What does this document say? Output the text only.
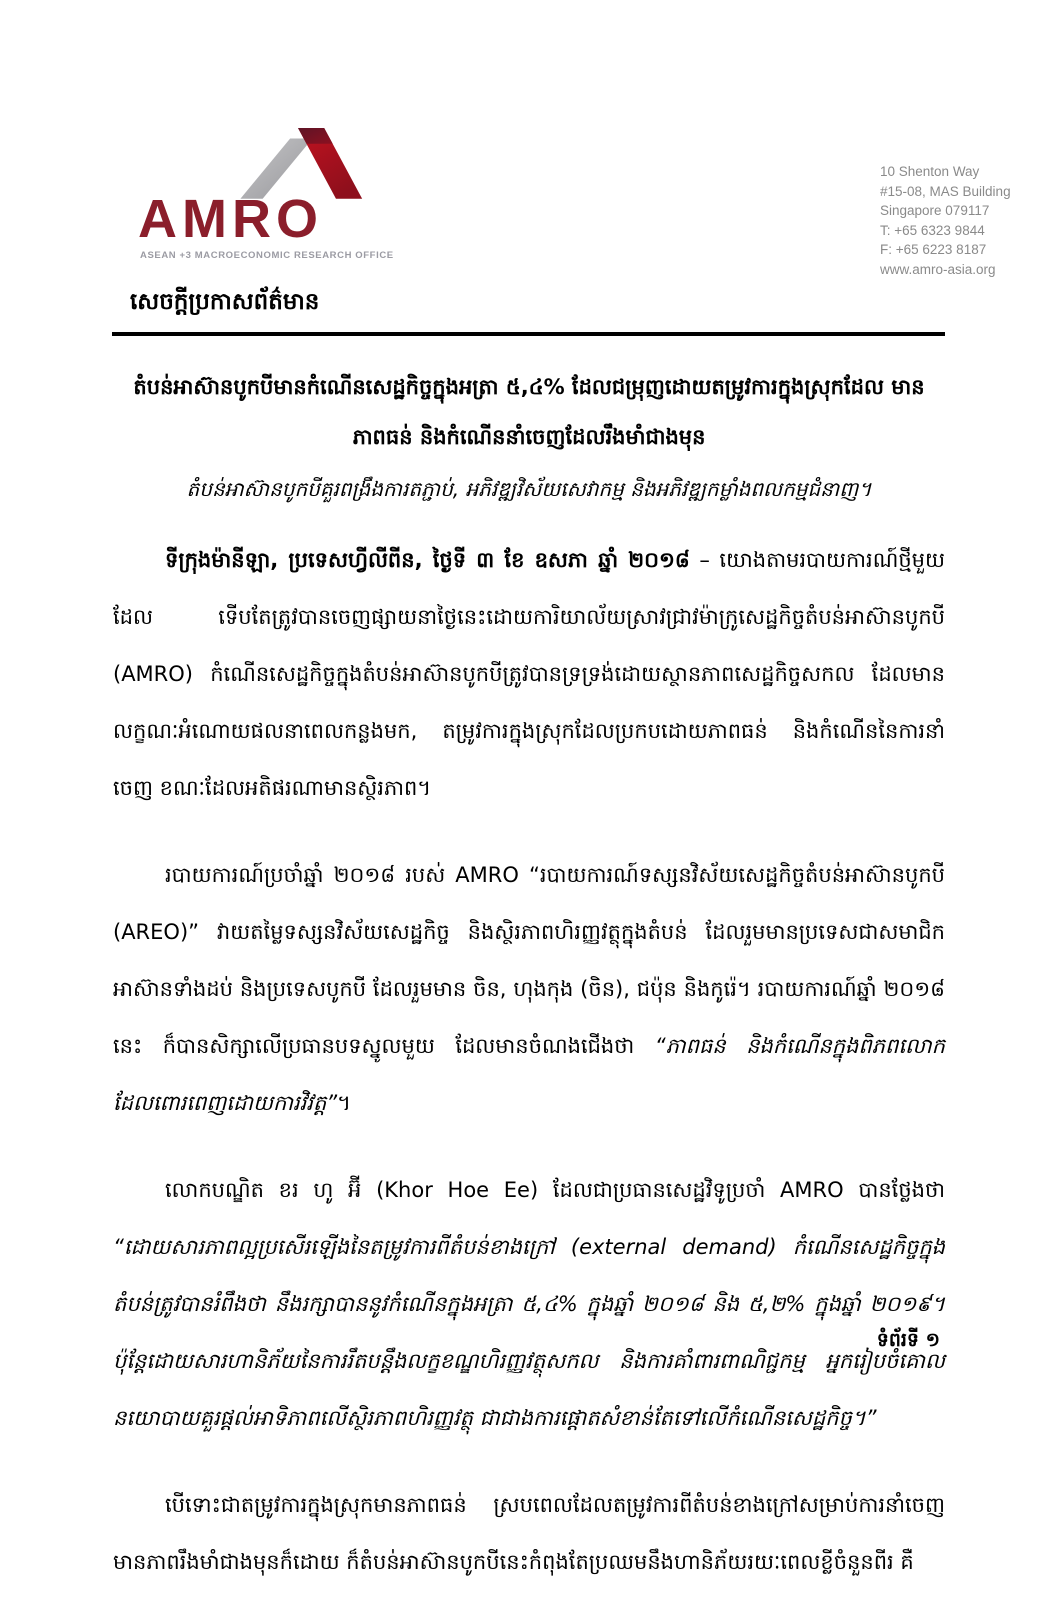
AMRO
ASEAN +3 MACROECONOMIC RESEARCH OFFICE
10 Shenton Way
#15-08, MAS Building
Singapore 079117
T: +65 6323 9844
F: +65 6223 8187
www.amro-asia.org
សេចក្តីប្រកាសព័ត៌មាន
តំបន់អាស៊ានបូកបីមានកំណើនសេដ្ឋកិច្ចក្នុងអត្រា ៥,៤% ដែលជម្រុញដោយតម្រូវការក្នុងស្រុកដែល មានភាពធន់ និងកំណើននាំចេញដែលរឹងមាំជាងមុន
តំបន់អាស៊ានបូកបីគួរពង្រឹងការតភ្ជាប់, អភិវឌ្ឍវិស័យសេវាកម្ម និងអភិវឌ្ឍកម្លាំងពលកម្មជំនាញ។

ទីក្រុងម៉ានីឡា, ប្រទេសហ្វីលីពីន, ថ្ងៃទី ៣ ខែ ឧសភា ឆ្នាំ ២០១៨ – យោងតាមរបាយការណ៍ថ្មីមួយដែល ទើបតែត្រូវបានចេញផ្សាយនាថ្ងៃនេះដោយការិយាល័យស្រាវជ្រាវម៉ាក្រូសេដ្ឋកិច្ចតំបន់អាស៊ានបូកបី (AMRO) កំណើនសេដ្ឋកិច្ចក្នុងតំបន់អាស៊ានបូកបីត្រូវបានទ្រទ្រង់ដោយស្ថានភាពសេដ្ឋកិច្ចសកល ដែលមានលក្ខណៈអំណោយផលនាពេលកន្លងមក, តម្រូវការក្នុងស្រុកដែលប្រកបដោយភាពធន់ និងកំណើននៃការនាំចេញ ខណៈដែលអតិផរណាមានស្ថិរភាព។

របាយការណ៍ប្រចាំឆ្នាំ ២០១៨ របស់ AMRO “របាយការណ៍ទស្សនវិស័យសេដ្ឋកិច្ចតំបន់អាស៊ានបូកបី (AREO)” វាយតម្លៃទស្សនវិស័យសេដ្ឋកិច្ច និងស្ថិរភាពហិរញ្ញវត្ថុក្នុងតំបន់ ដែលរួមមានប្រទេសជាសមាជិកអាស៊ានទាំងដប់ និងប្រទេសបូកបី ដែលរួមមាន ចិន, ហុងកុង (ចិន), ជប៉ុន និងកូរ៉េ។ របាយការណ៍ឆ្នាំ ២០១៨ នេះ ក៏បានសិក្សាលើប្រធានបទស្នូលមួយ ដែលមានចំណងជើងថា “ភាពធន់ និងកំណើនក្នុងពិភពលោកដែលពោរពេញដោយការវិវត្ត”។

លោកបណ្ឌិត ខរ ហូ អ៊ី (Khor Hoe Ee) ដែលជាប្រធានសេដ្ឋវិទូប្រចាំ AMRO បានថ្លែងថា “ដោយសារភាពល្អប្រសើរឡើងនៃតម្រូវការពីតំបន់ខាងក្រៅ (external demand) កំណើនសេដ្ឋកិច្ចក្នុងតំបន់ត្រូវបានរំពឹងថា នឹងរក្សាបាននូវកំណើនក្នុងអត្រា ៥,៤% ក្នុងឆ្នាំ ២០១៨ និង ៥,២% ក្នុងឆ្នាំ ២០១៩។ ប៉ុន្តែដោយសារហានិភ័យនៃការរឹតបន្តឹងលក្ខខណ្ឌហិរញ្ញវត្ថុសកល និងការគាំពារពាណិជ្ជកម្ម អ្នករៀបចំគោលនយោបាយគួរផ្តល់អាទិភាពលើស្ថិរភាពហិរញ្ញវត្ថុ ជាជាងការផ្តោតសំខាន់តែទៅលើកំណើនសេដ្ឋកិច្ច។”

បើទោះជាតម្រូវការក្នុងស្រុកមានភាពធន់ ស្របពេលដែលតម្រូវការពីតំបន់ខាងក្រៅសម្រាប់ការនាំចេញ មានភាពរឹងមាំជាងមុនក៏ដោយ ក៏តំបន់អាស៊ានបូកបីនេះកំពុងតែប្រឈមនឹងហានិភ័យរយៈពេលខ្លីចំនួនពីរ គឺ

ទំព័រទី ១
